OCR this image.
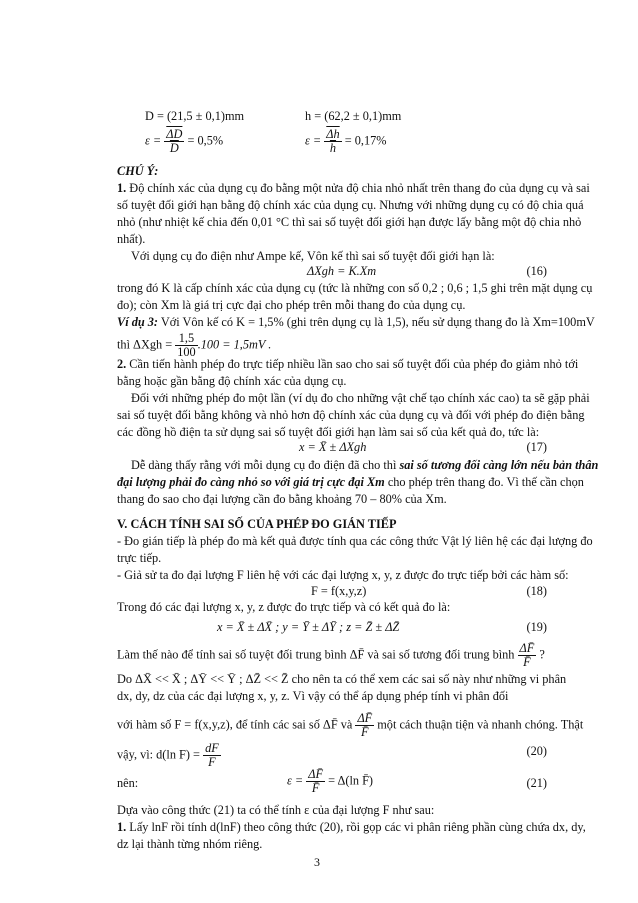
D = (21,5 ± 0,1)mm	h = (62,2 ± 0,1)mm
$\varepsilon = \frac{\overline{\Delta D}}{D} = 0,5\%$	$\varepsilon = \frac{\overline{\Delta h}}{h} = 0,17\%$
CHÚ Ý:
1. Độ chính xác của dụng cụ đo bằng một nửa độ chia nhỏ nhất trên thang đo của dụng cụ và sai
số tuyệt đối giới hạn bằng độ chính xác của dụng cụ. Nhưng với những dụng cụ có độ chia quá
nhỏ (như nhiệt kế chia đến 0,01 °C thì sai số tuyệt đối giới hạn được lấy bằng một độ chia nhỏ
nhất).
Với dụng cụ đo điện như Ampe kế, Vôn kế thì sai số tuyệt đối giới hạn là:
ΔXgh = K.Xm	(16)
trong đó K là cấp chính xác của dụng cụ (tức là những con số 0,2 ; 0,6 ; 1,5 ghi trên mặt dụng cụ
đo); còn Xm là giá trị cực đại cho phép trên mỗi thang đo của dụng cụ.
Ví dụ 3: Với Vôn kế có K = 1,5% (ghi trên dụng cụ là 1,5), nếu sử dụng thang đo là Xm=100mV
thì $\Delta Xgh = \frac{1,5}{100} .100 = 1,5mV$ .
2. Cần tiến hành phép đo trực tiếp nhiều lần sao cho sai số tuyệt đối của phép đo giảm nhỏ tới
bằng hoặc gần bằng độ chính xác của dụng cụ.
Đối với những phép đo một lần (ví dụ đo cho những vật chế tạo chính xác cao) ta sẽ gặp phải
sai số tuyệt đối bằng không và nhỏ hơn độ chính xác của dụng cụ và đối với phép đo điện bằng
các đồng hồ điện ta sử dụng sai số tuyệt đối giới hạn làm sai số của kết quả đo, tức là:
x = X̄ ± ΔXgh	(17)
Dễ dàng thấy rằng với mỗi dụng cụ đo điện đã cho thì sai số tương đối càng lớn nếu bản thân
đại lượng phải đo càng nhỏ so với giá trị cực đại Xm cho phép trên thang đo. Vì thế cần chọn
thang đo sao cho đại lượng cần đo bằng khoảng 70 – 80% của Xm.
V. CÁCH TÍNH SAI SỐ CỦA PHÉP ĐO GIÁN TIẾP
- Đo gián tiếp là phép đo mà kết quả được tính qua các công thức Vật lý liên hệ các đại lượng đo
trực tiếp.
- Giả sử ta đo đại lượng F liên hệ với các đại lượng x, y, z được đo trực tiếp bởi các hàm số:
F = f(x,y,z)	(18)
Trong đó các đại lượng x, y, z được đo trực tiếp và có kết quả đo là:
x = X̄ ± ΔX̄ ; y = Ȳ ± ΔȲ ; z = Z̄ ± ΔZ̄	(19)
Làm thế nào để tính sai số tuyệt đối trung bình ΔF̄ và sai số tương đối trung bình $\frac{\Delta F̄}{F̄}$ ?
Do ΔX̄ << X̄ ; ΔȲ << Ȳ ; ΔZ̄ << Z̄ cho nên ta có thể xem các sai số này như những vi phân
dx, dy, dz của các đại lượng x, y, z. Vì vậy có thể áp dụng phép tính vi phân đối
với hàm số F = f(x,y,z), để tính các sai số ΔF̄ và $\frac{\Delta F̄}{F̄}$ một cách thuận tiện và nhanh chóng. Thật
vậy, vì: d(ln $F) = \frac{dF}{F}$	(20)
nên:	$\varepsilon = \frac{\Delta F̄}{F̄} = \Delta(\ln$ F̄)	(21)
Dựa vào công thức (21) ta có thể tính ε của đại lượng F như sau:
1. Lấy lnF rồi tính d(lnF) theo công thức (20), rồi gọp các vi phân riêng phần cùng chứa dx, dy,
dz lại thành từng nhóm riêng.
3
